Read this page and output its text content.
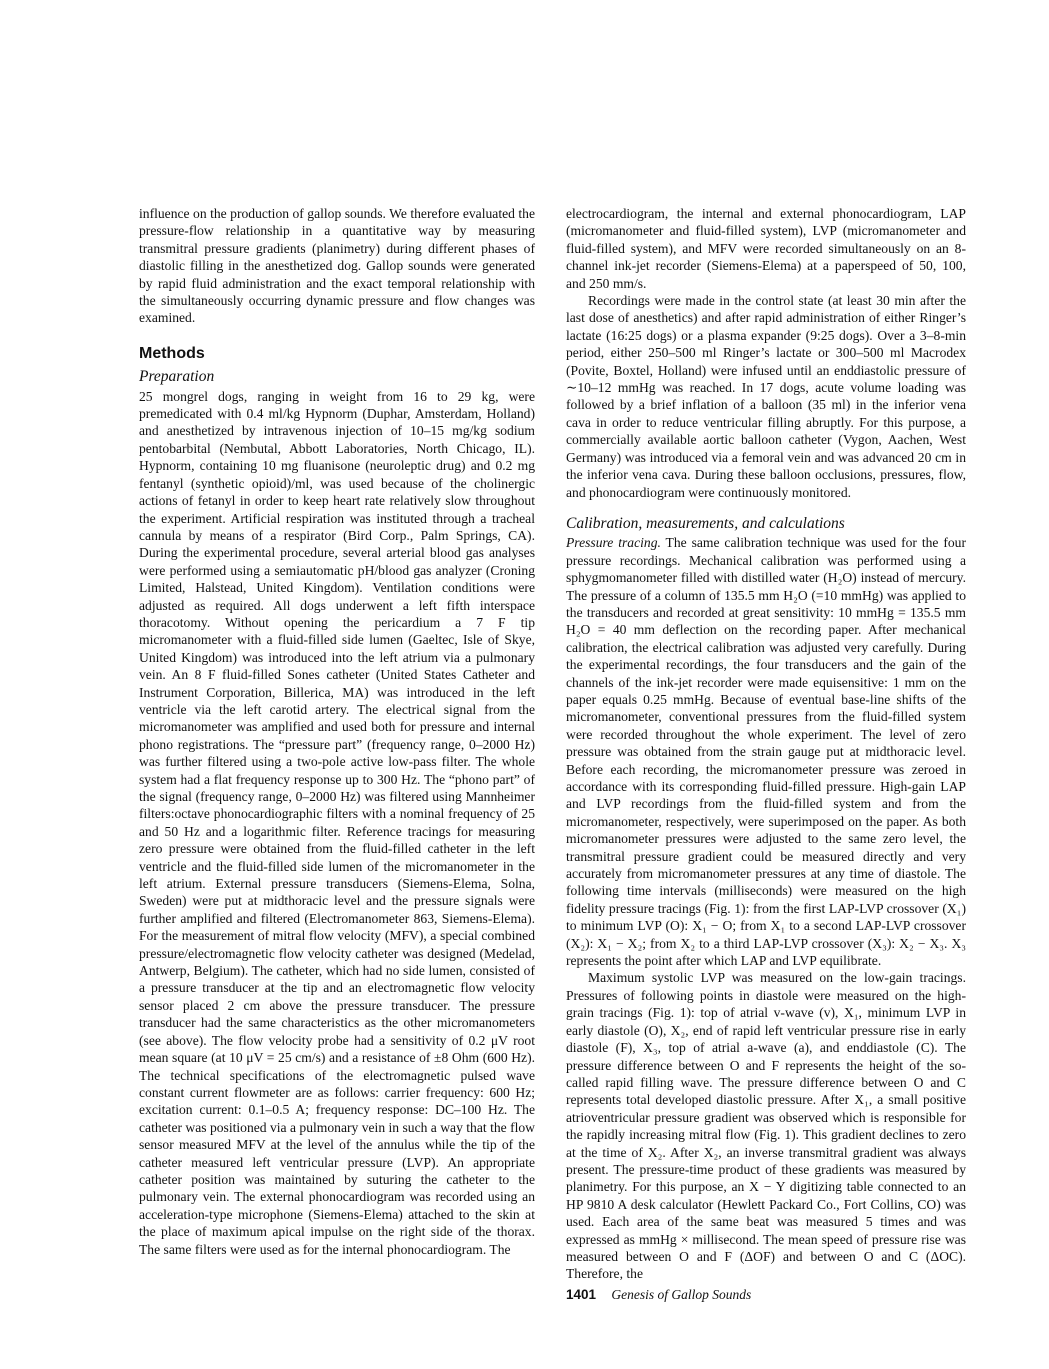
influence on the production of gallop sounds. We therefore evaluated the pressure-flow relationship in a quantitative way by measuring transmitral pressure gradients (planimetry) during different phases of diastolic filling in the anesthetized dog. Gallop sounds were generated by rapid fluid administration and the exact temporal relationship with the simultaneously occurring dynamic pressure and flow changes was examined.

Methods
Preparation

25 mongrel dogs, ranging in weight from 16 to 29 kg, were premedicated with 0.4 ml/kg Hypnorm (Duphar, Amsterdam, Holland) and anesthetized by intravenous injection of 10–15 mg/kg sodium pentobarbital (Nembutal, Abbott Laboratories, North Chicago, IL). Hypnorm, containing 10 mg fluanisone (neuroleptic drug) and 0.2 mg fentanyl (synthetic opioid)/ml, was used because of the cholinergic actions of fetanyl in order to keep heart rate relatively slow throughout the experiment. Artificial respiration was instituted through a tracheal cannula by means of a respirator (Bird Corp., Palm Springs, CA). During the experimental procedure, several arterial blood gas analyses were performed using a semiautomatic pH/blood gas analyzer (Croning Limited, Halstead, United Kingdom). Ventilation conditions were adjusted as required. All dogs underwent a left fifth interspace thoracotomy. Without opening the pericardium a 7 F tip micromanometer with a fluid-filled side lumen (Gaeltec, Isle of Skye, United Kingdom) was introduced into the left atrium via a pulmonary vein. An 8 F fluid-filled Sones catheter (United States Catheter and Instrument Corporation, Billerica, MA) was introduced in the left ventricle via the left carotid artery. The electrical signal from the micromanometer was amplified and used both for pressure and internal phono registrations. The “pressure part” (frequency range, 0–2000 Hz) was further filtered using a two-pole active low-pass filter. The whole system had a flat frequency response up to 300 Hz. The “phono part” of the signal (frequency range, 0–2000 Hz) was filtered using Mannheimer filters:octave phonocardiographic filters with a nominal frequency of 25 and 50 Hz and a logarithmic filter. Reference tracings for measuring zero pressure were obtained from the fluid-filled catheter in the left ventricle and the fluid-filled side lumen of the micromanometer in the left atrium. External pressure transducers (Siemens-Elema, Solna, Sweden) were put at midthoracic level and the pressure signals were further amplified and filtered (Electromanometer 863, Siemens-Elema). For the measurement of mitral flow velocity (MFV), a special combined pressure/electromagnetic flow velocity catheter was designed (Medelad, Antwerp, Belgium). The catheter, which had no side lumen, consisted of a pressure transducer at the tip and an electromagnetic flow velocity sensor placed 2 cm above the pressure transducer. The pressure transducer had the same characteristics as the other micromanometers (see above). The flow velocity probe had a sensitivity of 0.2 μV root mean square (at 10 μV = 25 cm/s) and a resistance of ±8 Ohm (600 Hz). The technical specifications of the electromagnetic pulsed wave constant current flowmeter are as follows: carrier frequency: 600 Hz; excitation current: 0.1–0.5 A; frequency response: DC–100 Hz. The catheter was positioned via a pulmonary vein in such a way that the flow sensor measured MFV at the level of the annulus while the tip of the catheter measured left ventricular pressure (LVP). An appropriate catheter position was maintained by suturing the catheter to the pulmonary vein. The external phonocardiogram was recorded using an acceleration-type microphone (Siemens-Elema) attached to the skin at the place of maximum apical impulse on the right side of the thorax. The same filters were used as for the internal phonocardiogram. The

electrocardiogram, the internal and external phonocardiogram, LAP (micromanometer and fluid-filled system), LVP (micromanometer and fluid-filled system), and MFV were recorded simultaneously on an 8-channel ink-jet recorder (Siemens-Elema) at a paperspeed of 50, 100, and 250 mm/s.

Recordings were made in the control state (at least 30 min after the last dose of anesthetics) and after rapid administration of either Ringer’s lactate (16:25 dogs) or a plasma expander (9:25 dogs). Over a 3–8-min period, either 250–500 ml Ringer’s lactate or 300–500 ml Macrodex (Povite, Boxtel, Holland) were infused until an enddiastolic pressure of ∼10–12 mmHg was reached. In 17 dogs, acute volume loading was followed by a brief inflation of a balloon (35 ml) in the inferior vena cava in order to reduce ventricular filling abruptly. For this purpose, a commercially available aortic balloon catheter (Vygon, Aachen, West Germany) was introduced via a femoral vein and was advanced 20 cm in the inferior vena cava. During these balloon occlusions, pressures, flow, and phonocardiogram were continuously monitored.

Calibration, measurements, and calculations

Pressure tracing. The same calibration technique was used for the four pressure recordings. Mechanical calibration was performed using a sphygmomanometer filled with distilled water (H₂O) instead of mercury. The pressure of a column of 135.5 mm H₂O (=10 mmHg) was applied to the transducers and recorded at great sensitivity: 10 mmHg = 135.5 mm H₂O = 40 mm deflection on the recording paper. After mechanical calibration, the electrical calibration was adjusted very carefully. During the experimental recordings, the four transducers and the gain of the channels of the ink-jet recorder were made equisensitive: 1 mm on the paper equals 0.25 mmHg. Because of eventual base-line shifts of the micromanometer, conventional pressures from the fluid-filled system were recorded throughout the whole experiment. The level of zero pressure was obtained from the strain gauge put at midthoracic level. Before each recording, the micromanometer pressure was zeroed in accordance with its corresponding fluid-filled pressure. High-gain LAP and LVP recordings from the fluid-filled system and from the micromanometer, respectively, were superimposed on the paper. As both micromanometer pressures were adjusted to the same zero level, the transmitral pressure gradient could be measured directly and very accurately from micromanometer pressures at any time of diastole. The following time intervals (milliseconds) were measured on the high fidelity pressure tracings (Fig. 1): from the first LAP-LVP crossover (X₁) to minimum LVP (O): X₁ − O; from X₁ to a second LAP-LVP crossover (X₂): X₁ − X₂; from X₂ to a third LAP-LVP crossover (X₃): X₂ − X₃. X₃ represents the point after which LAP and LVP equilibrate.

Maximum systolic LVP was measured on the low-gain tracings. Pressures of following points in diastole were measured on the high-grain tracings (Fig. 1): top of atrial v-wave (v), X₁, minimum LVP in early diastole (O), X₂, end of rapid left ventricular pressure rise in early diastole (F), X₃, top of atrial a-wave (a), and enddiastole (C). The pressure difference between O and F represents the height of the so-called rapid filling wave. The pressure difference between O and C represents total developed diastolic pressure. After X₁, a small positive atrioventricular pressure gradient was observed which is responsible for the rapidly increasing mitral flow (Fig. 1). This gradient declines to zero at the time of X₂. After X₂, an inverse transmitral gradient was always present. The pressure-time product of these gradients was measured by planimetry. For this purpose, an X − Y digitizing table connected to an HP 9810 A desk calculator (Hewlett Packard Co., Fort Collins, CO) was used. Each area of the same beat was measured 5 times and was expressed as mmHg × millisecond. The mean speed of pressure rise was measured between O and F (ΔOF) and between O and C (ΔOC). Therefore, the

1401 Genesis of Gallop Sounds
